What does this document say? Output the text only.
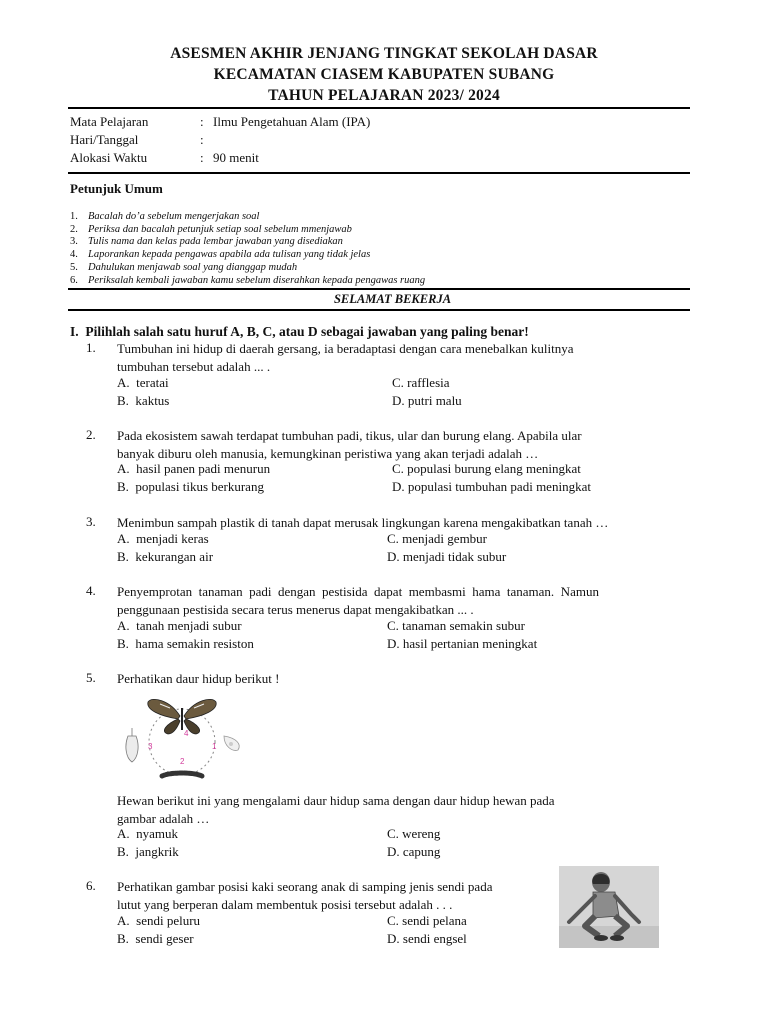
ASESMEN AKHIR JENJANG TINGKAT SEKOLAH DASAR
KECAMATAN CIASEM KABUPATEN SUBANG
TAHUN PELAJARAN 2023/ 2024
Mata Pelajaran	: Ilmu Pengetahuan Alam (IPA)
Hari/Tanggal	:
Alokasi Waktu	: 90 menit
Petunjuk Umum
1. Bacalah do’a sebelum mengerjakan soal
2. Periksa dan bacalah petunjuk setiap soal sebelum mmenjawab
3. Tulis nama dan kelas pada lembar jawaban yang disediakan
4. Laporankan kepada pengawas apabila ada tulisan yang tidak jelas
5. Dahulukan menjawab soal yang dianggap mudah
6. Periksalah kembali jawaban kamu sebelum diserahkan kepada pengawas ruang
SELAMAT BEKERJA
I. Pilihlah salah satu huruf A, B, C, atau D sebagai jawaban yang paling benar!
1. Tumbuhan ini hidup di daerah gersang, ia beradaptasi dengan cara menebalkan kulitnya
tumbuhan tersebut adalah ... .
A. teratai
B. kaktus
C. rafflesia
D. putri malu
2. Pada ekosistem sawah terdapat tumbuhan padi, tikus, ular dan burung elang. Apabila ular
banyak diburu oleh manusia, kemungkinan peristiwa yang akan terjadi adalah …
A. hasil panen padi menurun
B. populasi tikus berkurang
C. populasi burung elang meningkat
D. populasi tumbuhan padi meningkat
3. Menimbun sampah plastik di tanah dapat merusak lingkungan karena mengakibatkan tanah …
A. menjadi keras
B. kekurangan air
C. menjadi gembur
D. menjadi tidak subur
4. Penyemprotan  tanaman  padi  dengan  pestisida  dapat  membasmi  hama  tanaman.  Namun
penggunaan pestisida secara terus menerus dapat mengakibatkan ... .
A. tanah menjadi subur
B. hama semakin resiston
C. tanaman semakin subur
D. hasil pertanian meningkat
5. Perhatikan daur hidup berikut !
4
3	1
2
Hewan berikut ini yang mengalami daur hidup sama dengan daur hidup hewan pada
gambar adalah …
A. nyamuk
B. jangkrik
C. wereng
D. capung
6. Perhatikan gambar posisi kaki seorang anak di samping jenis sendi pada
lutut yang berperan dalam membentuk posisi tersebut adalah . . .
A. sendi peluru
B. sendi geser
C. sendi pelana
D. sendi engsel
